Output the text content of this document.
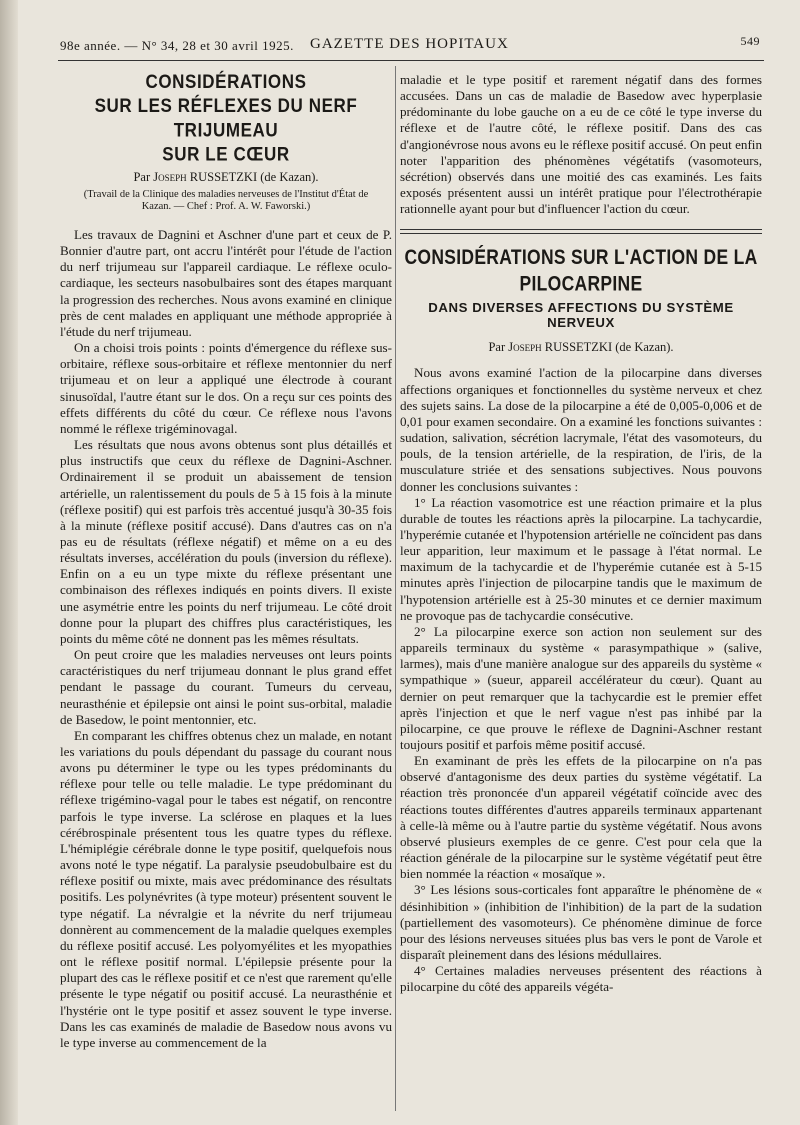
98e année. — N° 34, 28 et 30 avril 1925. GAZETTE DES HOPITAUX	549
CONSIDÉRATIONS
SUR LES RÉFLEXES DU NERF TRIJUMEAU
SUR LE CŒUR
Par Joseph RUSSETZKI (de Kazan).
(Travail de la Clinique des maladies nerveuses de l'Institut d'État de Kazan. — Chef : Prof. A. W. Faworski.)

Les travaux de Dagnini et Aschner d'une part et ceux de P. Bonnier d'autre part, ont accru l'intérêt pour l'étude de l'action du nerf trijumeau sur l'appareil cardiaque. Le réflexe oculo-cardiaque, les secteurs nasobulbaires sont des étapes marquant la progression des recherches. Nous avons examiné en clinique près de cent malades en appliquant une méthode appropriée à l'étude du nerf trijumeau.

On a choisi trois points : points d'émergence du réflexe sus-orbitaire, réflexe sous-orbitaire et réflexe mentonnier du nerf trijumeau et on leur a appliqué une électrode à courant sinusoïdal, l'autre étant sur le dos. On a reçu sur ces points des effets différents du côté du cœur. Ce réflexe nous l'avons nommé le réflexe trigéminovagal.

Les résultats que nous avons obtenus sont plus détaillés et plus instructifs que ceux du réflexe de Dagnini-Aschner. Ordinairement il se produit un abaissement de tension artérielle, un ralentissement du pouls de 5 à 15 fois à la minute (réflexe positif) qui est parfois très accentué jusqu'à 30-35 fois à la minute (réflexe positif accusé). Dans d'autres cas on n'a pas eu de résultats (réflexe négatif) et même on a eu des résultats inverses, accélération du pouls (inversion du réflexe). Enfin on a eu un type mixte du réflexe présentant une combinaison des réflexes indiqués en points divers. Il existe une asymétrie entre les points du nerf trijumeau. Le côté droit donne pour la plupart des chiffres plus caractéristiques, les points du même côté ne donnent pas les mêmes résultats.

On peut croire que les maladies nerveuses ont leurs points caractéristiques du nerf trijumeau donnant le plus grand effet pendant le passage du courant. Tumeurs du cerveau, neurasthénie et épilepsie ont ainsi le point sus-orbital, maladie de Basedow, le point mentonnier, etc.

En comparant les chiffres obtenus chez un malade, en notant les variations du pouls dépendant du passage du courant nous avons pu déterminer le type ou les types prédominants du réflexe pour telle ou telle maladie. Le type prédominant du réflexe trigémino-vagal pour le tabes est négatif, on rencontre parfois le type inverse. La sclérose en plaques et la lues cérébrospinale présentent tous les quatre types du réflexe. L'hémiplégie cérébrale donne le type positif, quelquefois nous avons noté le type négatif. La paralysie pseudobulbaire est du réflexe positif ou mixte, mais avec prédominance des résultats positifs. Les polynévrites (à type moteur) présentent souvent le type négatif. La névralgie et la névrite du nerf trijumeau donnèrent au commencement de la maladie quelques exemples du réflexe positif accusé. Les polyomyélites et les myopathies ont le réflexe positif normal. L'épilepsie présente pour la plupart des cas le réflexe positif et ce n'est que rarement qu'elle présente le type négatif ou positif accusé. La neurasthénie et l'hystérie ont le type positif et assez souvent le type inverse. Dans les cas examinés de maladie de Basedow nous avons vu le type inverse au commencement de la

maladie et le type positif et rarement négatif dans des formes accusées. Dans un cas de maladie de Basedow avec hyperplasie prédominante du lobe gauche on a eu de ce côté le type inverse du réflexe et de l'autre côté, le réflexe positif. Dans des cas d'angionévrose nous avons eu le réflexe positif accusé. On peut enfin noter l'apparition des phénomènes végétatifs (vasomoteurs, sécrétion) observés dans une moitié des cas examinés. Les faits exposés présentent aussi un intérêt pratique pour l'électrothérapie rationnelle ayant pour but d'influencer l'action du cœur.

CONSIDÉRATIONS SUR L'ACTION DE LA PILOCARPINE
DANS DIVERSES AFFECTIONS DU SYSTÈME NERVEUX
Par Joseph RUSSETZKI (de Kazan).

Nous avons examiné l'action de la pilocarpine dans diverses affections organiques et fonctionnelles du système nerveux et chez des sujets sains. La dose de la pilocarpine a été de 0,005-0,006 et de 0,01 pour examen secondaire. On a examiné les fonctions suivantes : sudation, salivation, sécrétion lacrymale, l'état des vasomoteurs, du pouls, de la tension artérielle, de la respiration, de l'iris, de la musculature striée et des sensations subjectives. Nous pouvons donner les conclusions suivantes :

1° La réaction vasomotrice est une réaction primaire et la plus durable de toutes les réactions après la pilocarpine. La tachycardie, l'hyperémie cutanée et l'hypotension artérielle ne coïncident pas dans leur apparition, leur maximum et le passage à l'état normal. Le maximum de la tachycardie et de l'hyperémie cutanée est à 5-15 minutes après l'injection de pilocarpine tandis que le maximum de l'hypotension artérielle est à 25-30 minutes et ce dernier maximum ne provoque pas de tachycardie consécutive.

2° La pilocarpine exerce son action non seulement sur des appareils terminaux du système « parasympathique » (salive, larmes), mais d'une manière analogue sur des appareils du système « sympathique » (sueur, appareil accélérateur du cœur). Quant au dernier on peut remarquer que la tachycardie est le premier effet après l'injection et que le nerf vague n'est pas inhibé par la pilocarpine, ce que prouve le réflexe de Dagnini-Aschner restant toujours positif et parfois même positif accusé.

En examinant de près les effets de la pilocarpine on n'a pas observé d'antagonisme des deux parties du système végétatif. La réaction très prononcée d'un appareil végétatif coïncide avec des réactions toutes différentes d'autres appareils terminaux appartenant à celle-là même ou à l'autre partie du système végétatif. Nous avons observé plusieurs exemples de ce genre. C'est pour cela que la réaction générale de la pilocarpine sur le système végétatif peut être bien nommée la réaction « mosaïque ».

3° Les lésions sous-corticales font apparaître le phénomène de « désinhibition » (inhibition de l'inhibition) de la part de la sudation (partiellement des vasomoteurs). Ce phénomène diminue de force pour des lésions nerveuses situées plus bas vers le pont de Varole et disparaît pleinement dans des lésions médullaires.

4° Certaines maladies nerveuses présentent des réactions à pilocarpine du côté des appareils végéta-
